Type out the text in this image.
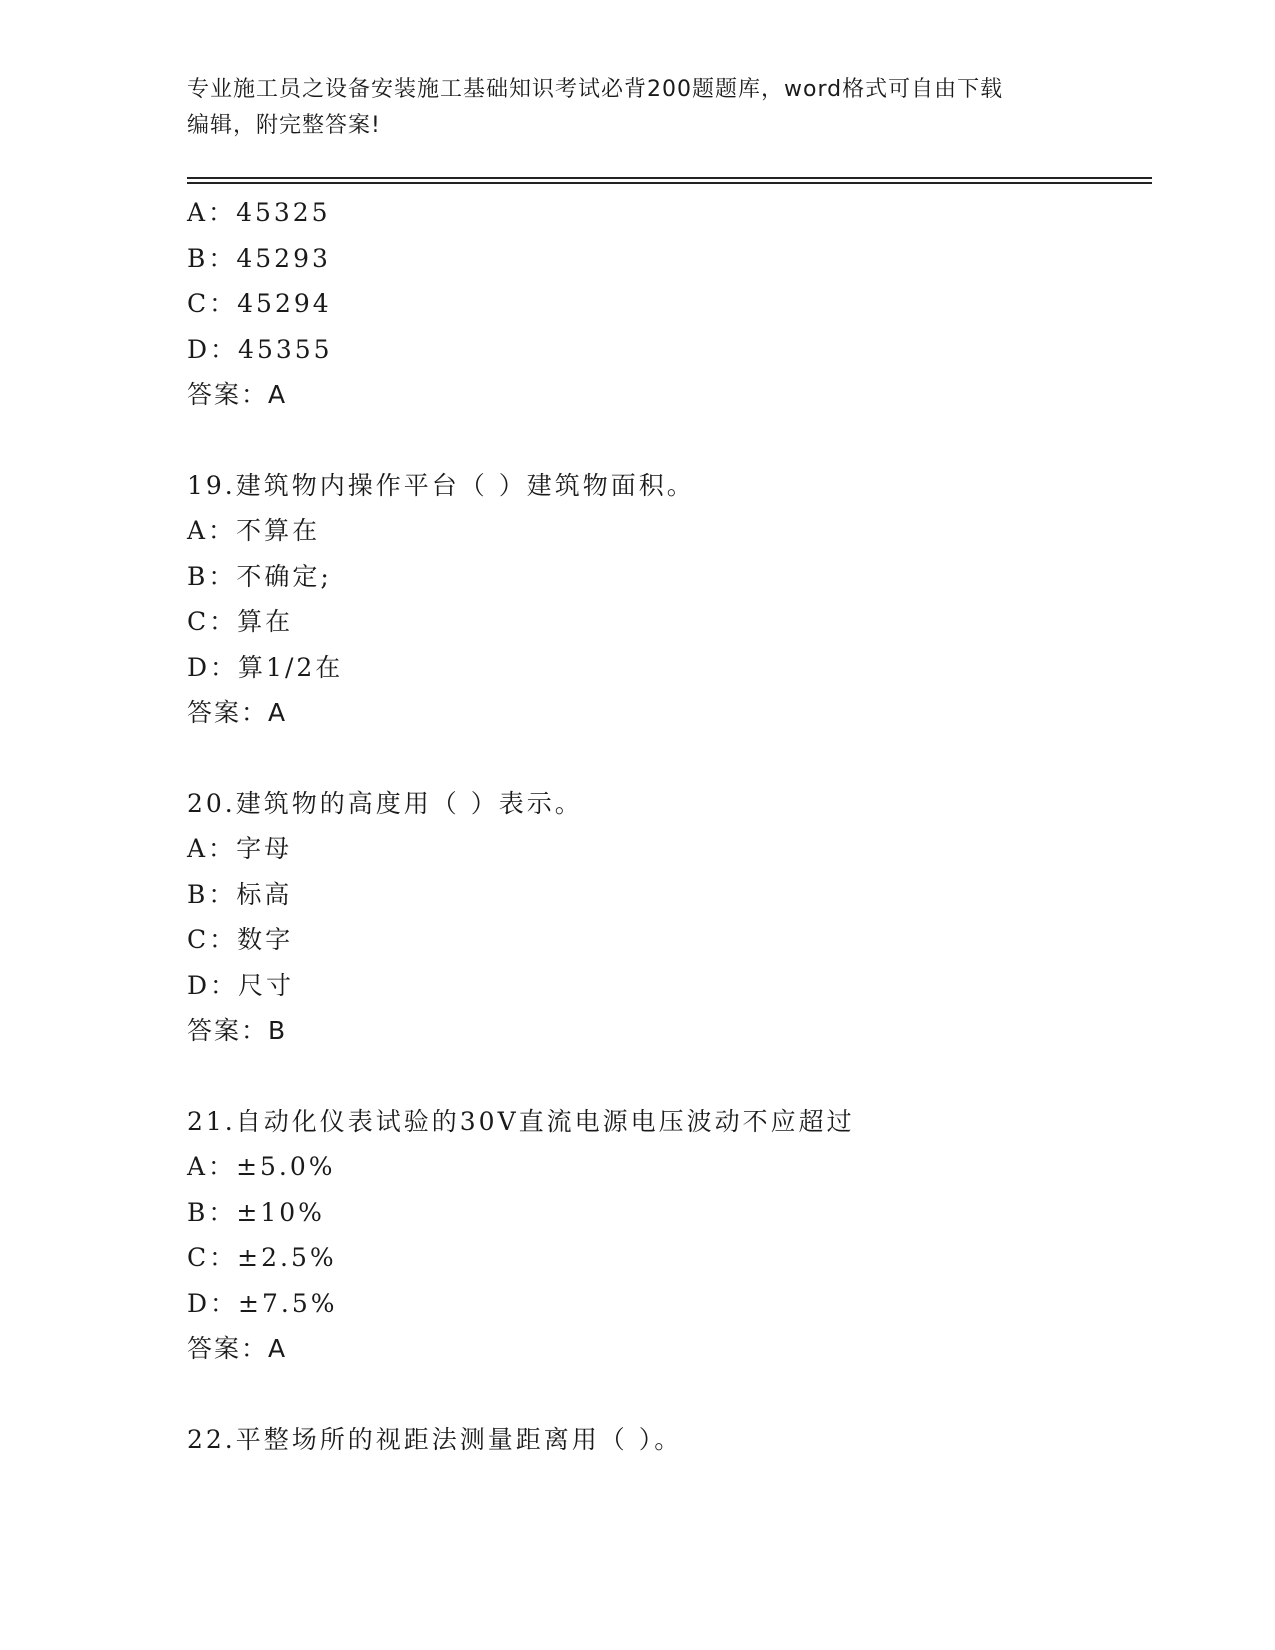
专业施工员之设备安装施工基础知识考试必背200题题库，word格式可自由下载
编辑，附完整答案!
A：45325
B：45293
C：45294
D：45355
答案：A
19.建筑物内操作平台（ ）建筑物面积。
A：不算在
B：不确定;
C：算在
D：算1/2在
答案：A
20.建筑物的高度用（ ）表示。
A：字母
B：标高
C：数字
D：尺寸
答案：B
21.自动化仪表试验的30V直流电源电压波动不应超过
A：±5.0%
B：±10%
C：±2.5%
D：±7.5%
答案：A
22.平整场所的视距法测量距离用（ ）。
